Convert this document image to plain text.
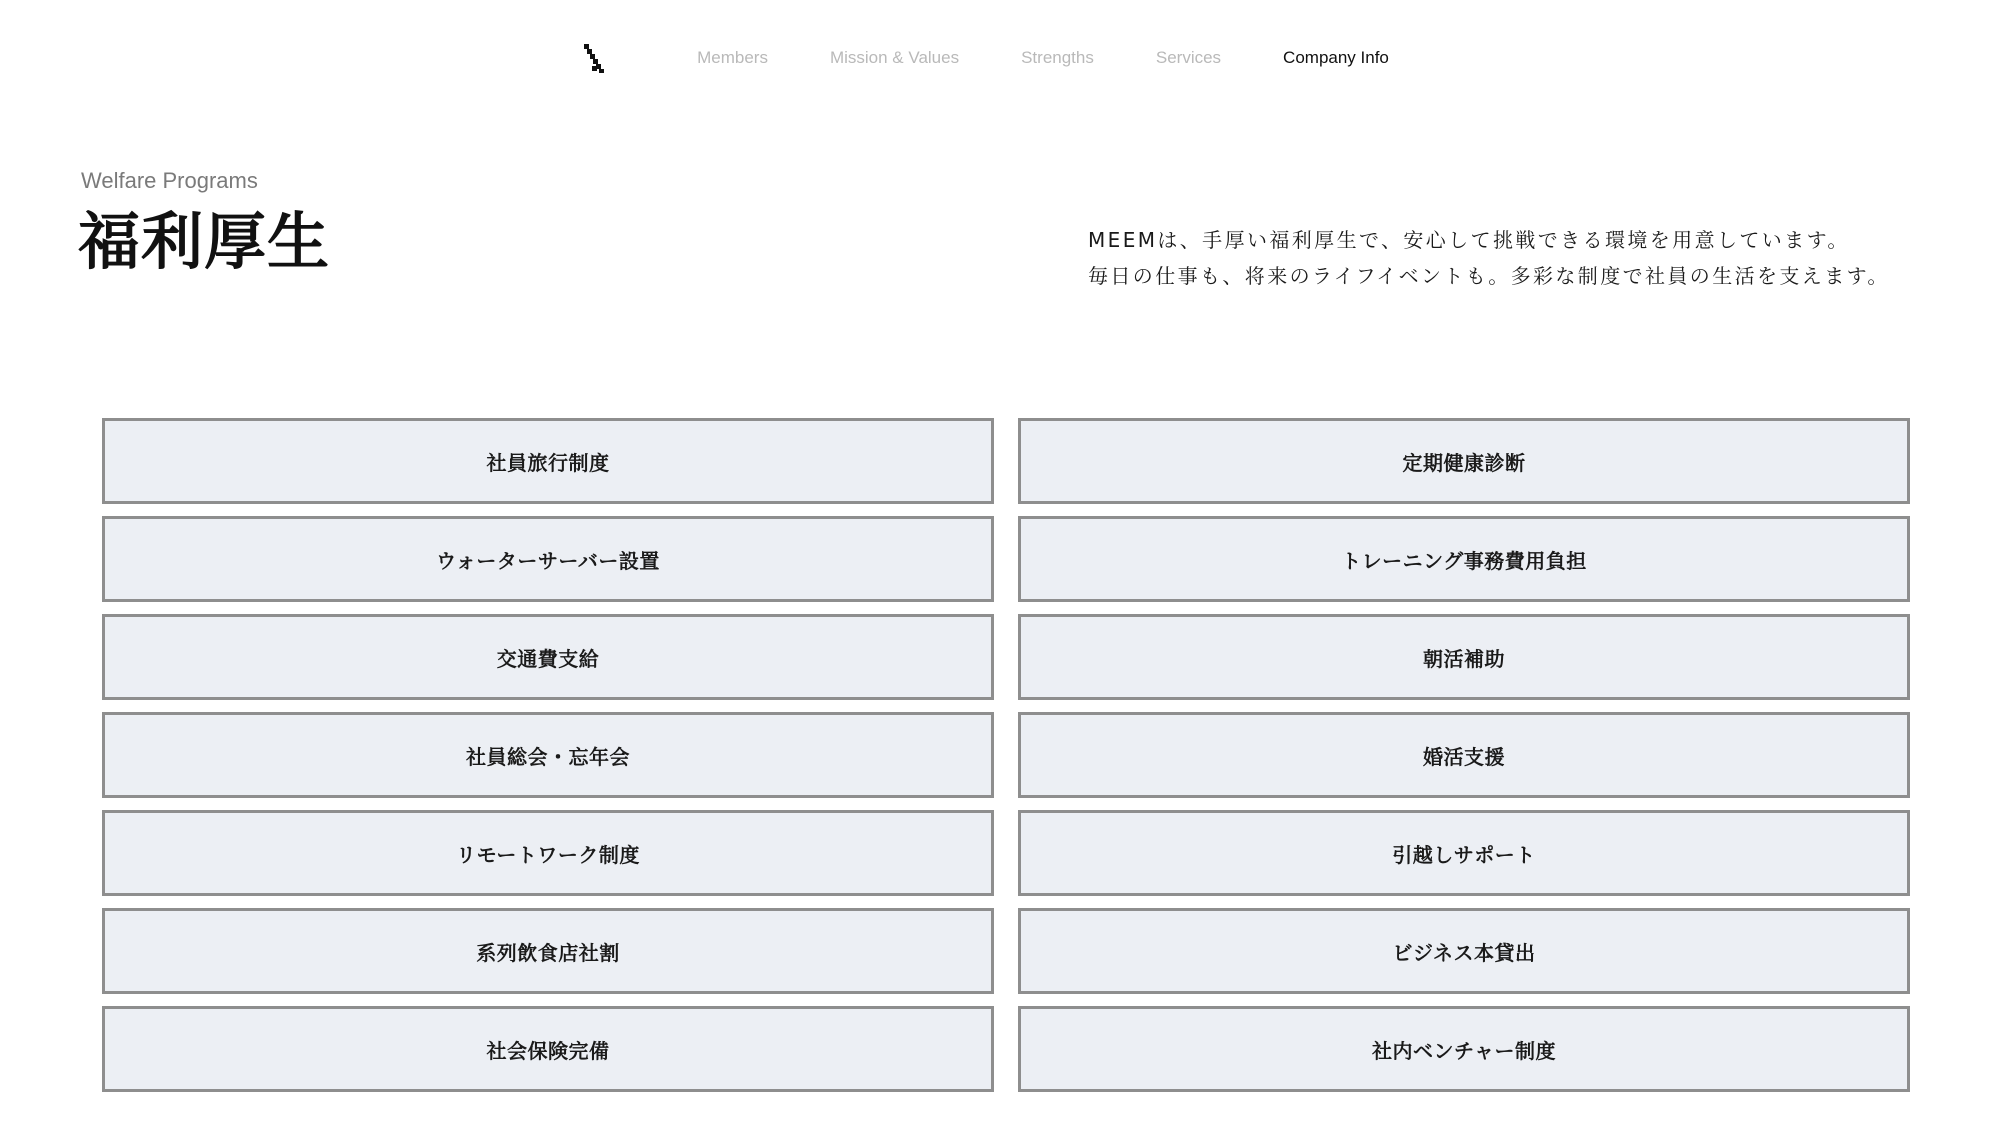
Members	Mission & Values	Strengths	Services	Company Info

Welfare Programs

福利厚生	MEEMは、手厚い福利厚生で、安心して挑戦できる環境を用意しています。
毎日の仕事も、将来のライフイベントも。多彩な制度で社員の生活を支えます。

社員旅行制度	定期健康診断
ウォーターサーバー設置	トレーニング事務費用負担
交通費支給	朝活補助
社員総会・忘年会	婚活支援
リモートワーク制度	引越しサポート
系列飲食店社割	ビジネス本貸出
社会保険完備	社内ベンチャー制度
